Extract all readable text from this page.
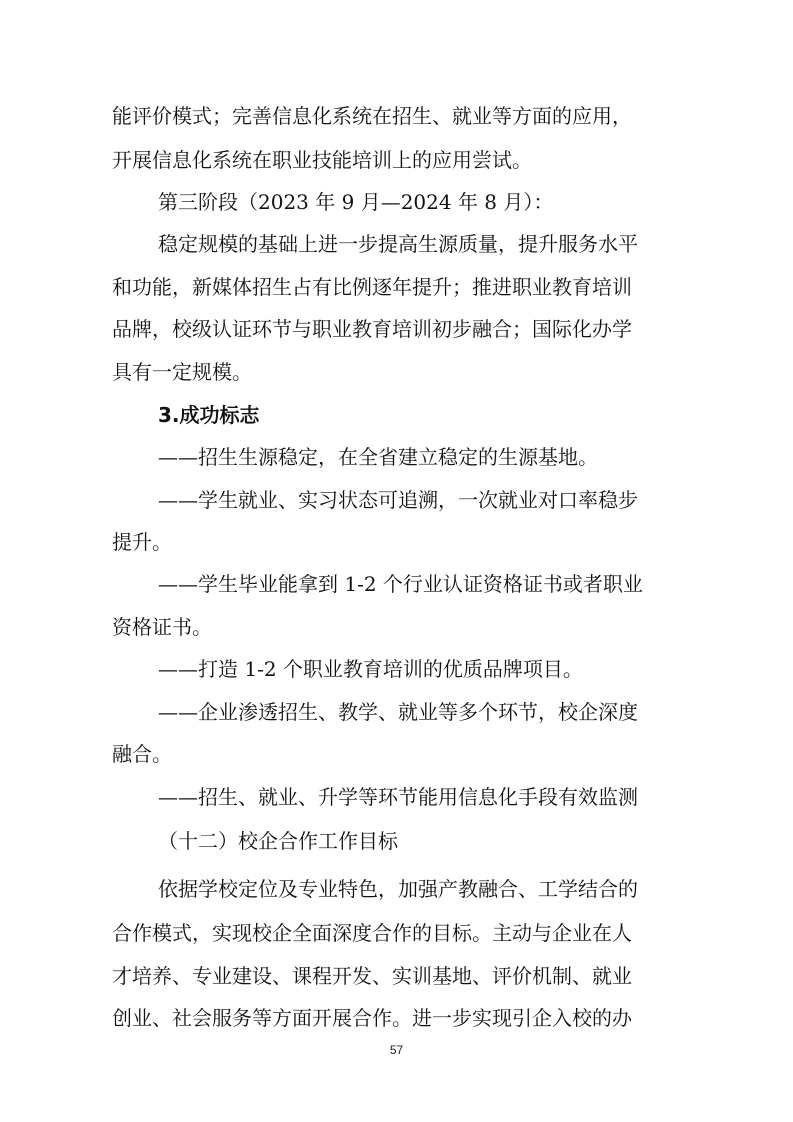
能评价模式；完善信息化系统在招生、就业等方面的应用，
开展信息化系统在职业技能培训上的应用尝试。
第三阶段（2023 年 9 月—2024 年 8 月）：
稳定规模的基础上进一步提高生源质量，提升服务水平
和功能，新媒体招生占有比例逐年提升；推进职业教育培训
品牌，校级认证环节与职业教育培训初步融合；国际化办学
具有一定规模。
3.成功标志
——招生生源稳定，在全省建立稳定的生源基地。
——学生就业、实习状态可追溯，一次就业对口率稳步
提升。
——学生毕业能拿到 1-2 个行业认证资格证书或者职业
资格证书。
——打造 1-2 个职业教育培训的优质品牌项目。
——企业渗透招生、教学、就业等多个环节，校企深度
融合。
——招生、就业、升学等环节能用信息化手段有效监测
（十二）校企合作工作目标
依据学校定位及专业特色，加强产教融合、工学结合的
合作模式，实现校企全面深度合作的目标。主动与企业在人
才培养、专业建设、课程开发、实训基地、评价机制、就业
创业、社会服务等方面开展合作。进一步实现引企入校的办
57
